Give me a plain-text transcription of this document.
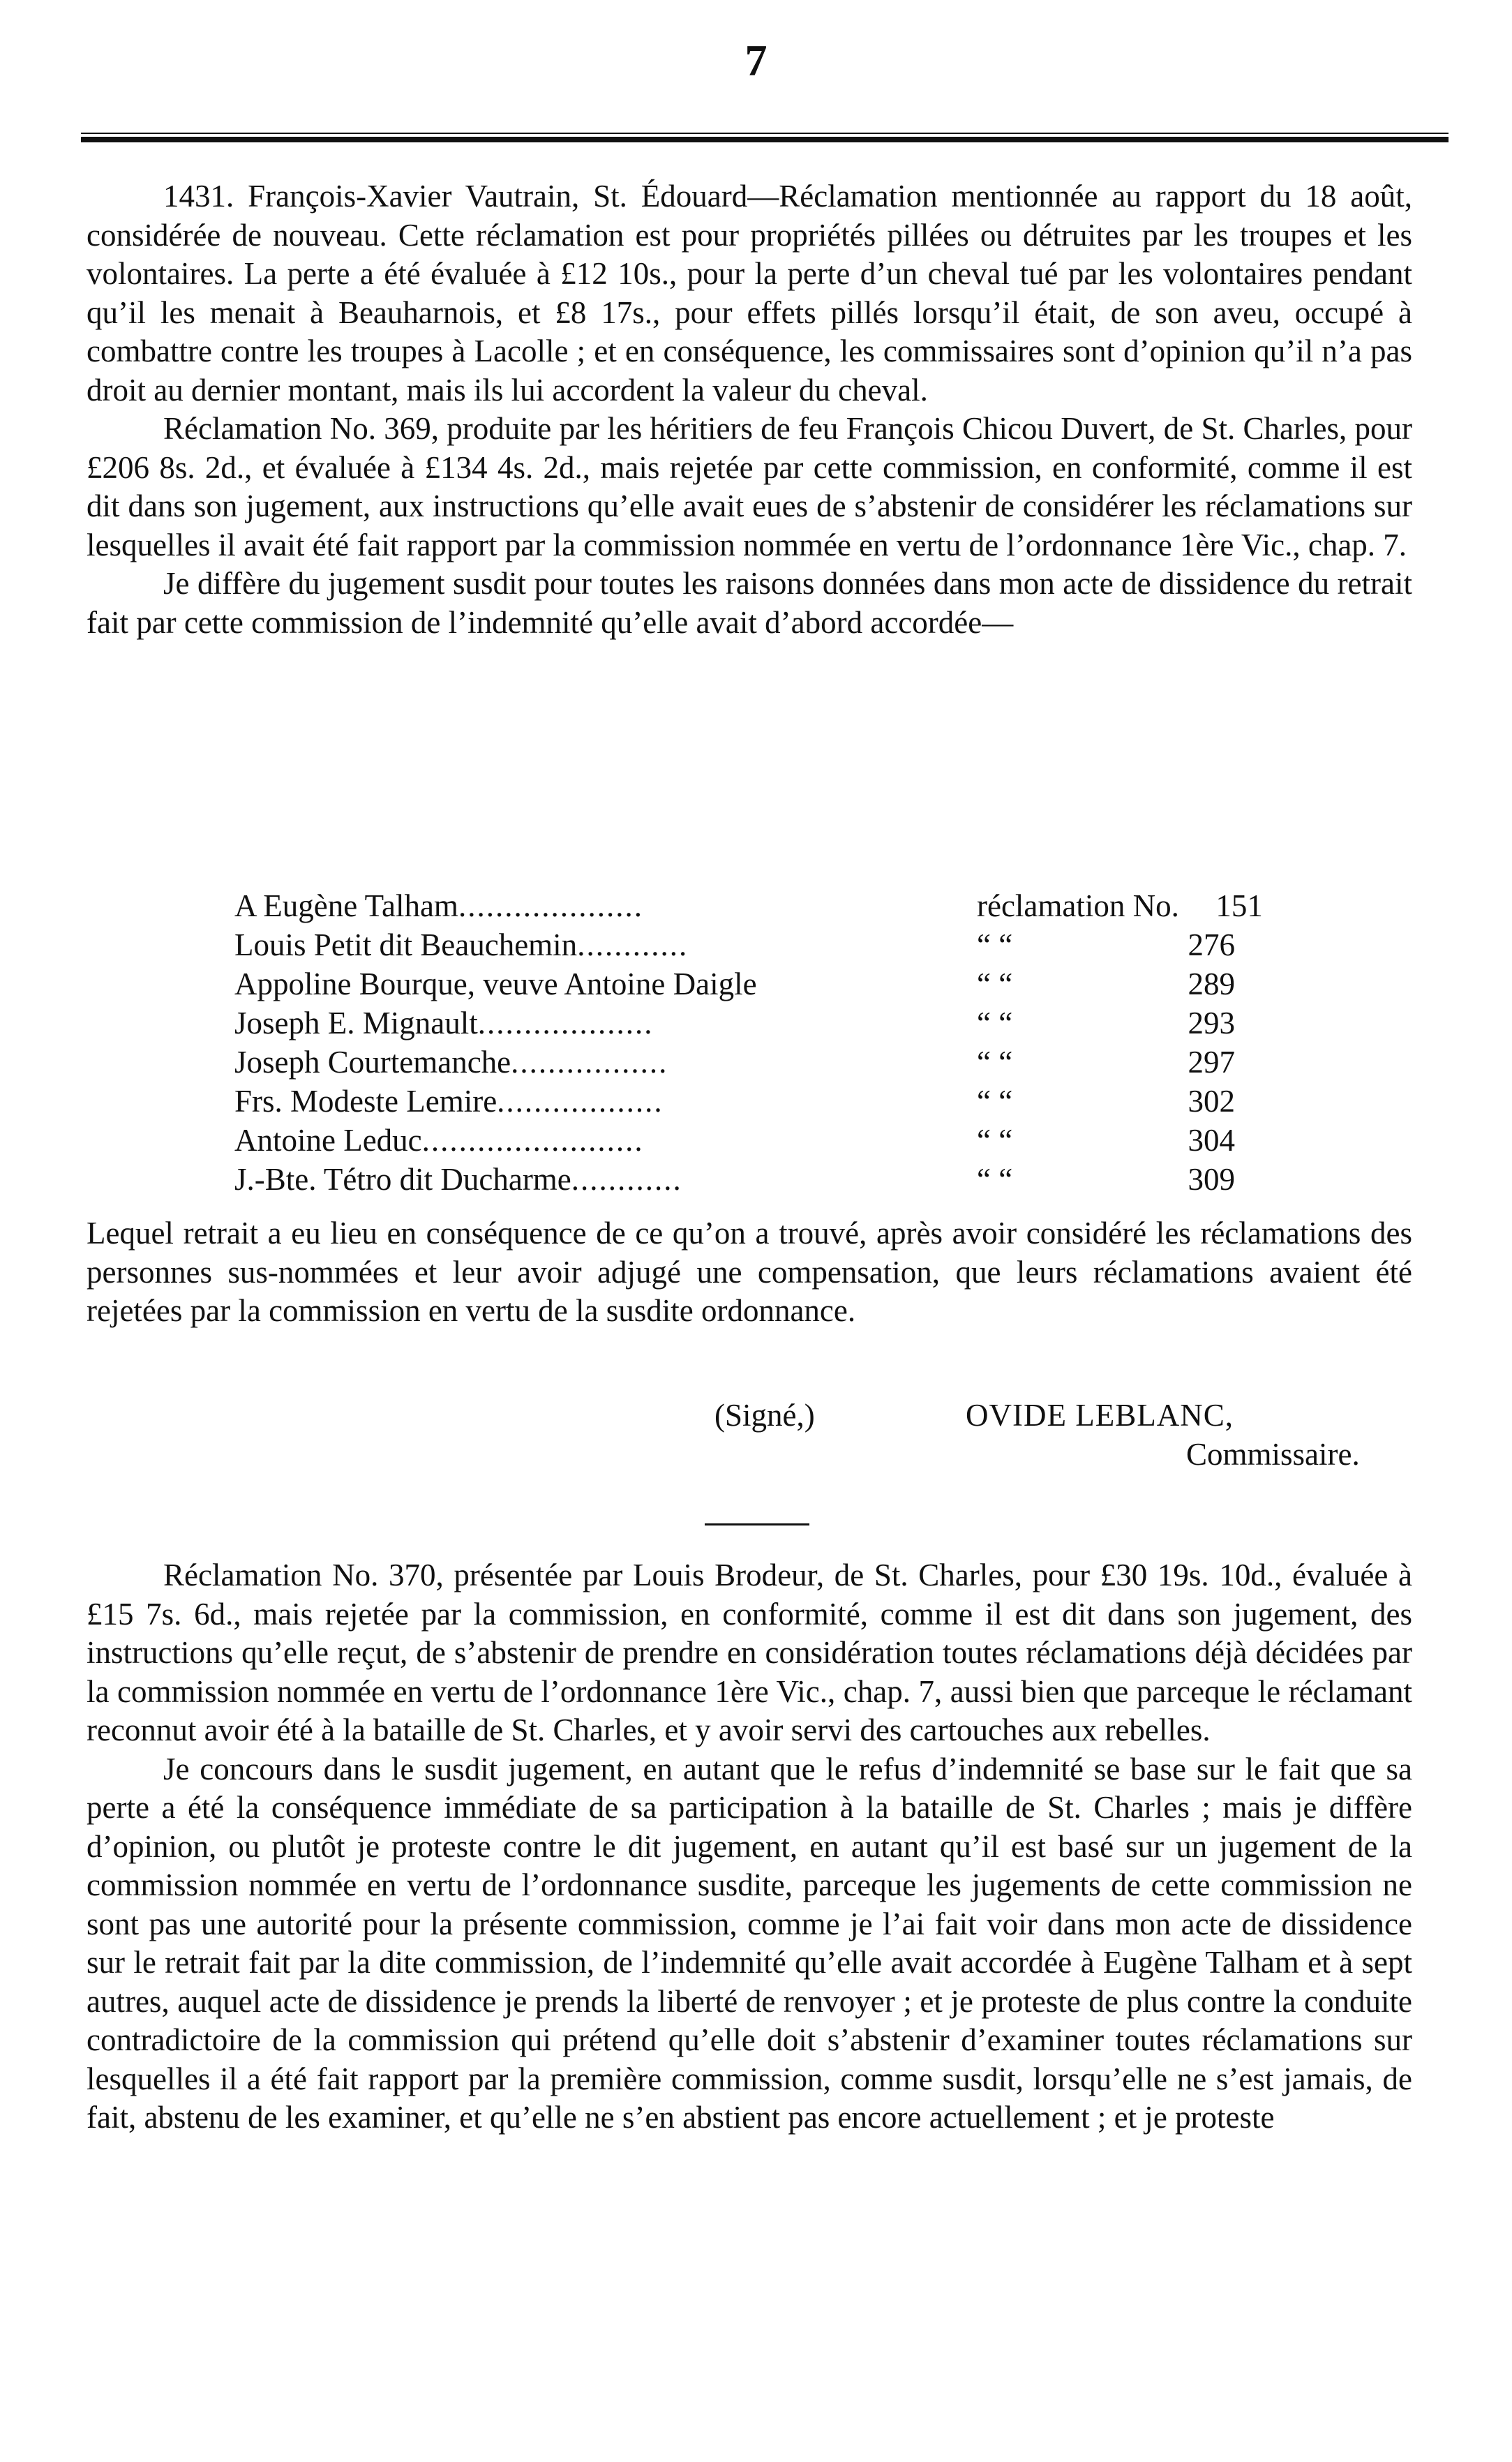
7

1431. François-Xavier Vautrain, St. Édouard—Réclamation mentionnée au rapport du 18 août, considérée de nouveau. Cette réclamation est pour propriétés pillées ou détruites par les troupes et les volontaires. La perte a été évaluée à £12 10s., pour la perte d’un cheval tué par les volontaires pendant qu’il les menait à Beauharnois, et £8 17s., pour effets pillés lorsqu’il était, de son aveu, occupé à combattre contre les troupes à Lacolle ; et en conséquence, les commissaires sont d’opinion qu’il n’a pas droit au dernier montant, mais ils lui accordent la valeur du cheval.

Réclamation No. 369, produite par les héritiers de feu François Chicou Duvert, de St. Charles, pour £206 8s. 2d., et évaluée à £134 4s. 2d., mais rejetée par cette commission, en conformité, comme il est dit dans son jugement, aux instructions qu’elle avait eues de s’abstenir de considérer les réclamations sur lesquelles il avait été fait rapport par la commission nommée en vertu de l’ordonnance 1ère Vic., chap. 7.

Je diffère du jugement susdit pour toutes les raisons données dans mon acte de dissidence du retrait fait par cette commission de l’indemnité qu’elle avait d’abord accordée—

A Eugène Talham....................	réclamation No.	151
Louis Petit dit Beauchemin............	“ “	276
Appoline Bourque, veuve Antoine Daigle	“ “	289
Joseph E. Mignault...................	“ “	293
Joseph Courtemanche.................	“ “	297
Frs. Modeste Lemire..................	“ “	302
Antoine Leduc........................	“ “	304
J.-Bte. Tétro dit Ducharme............	“ “	309

Lequel retrait a eu lieu en conséquence de ce qu’on a trouvé, après avoir considéré les réclamations des personnes sus-nommées et leur avoir adjugé une compensation, que leurs réclamations avaient été rejetées par la commission en vertu de la susdite ordonnance.

(Signé,)	OVIDE LEBLANC,
Commissaire.

Réclamation No. 370, présentée par Louis Brodeur, de St. Charles, pour £30 19s. 10d., évaluée à £15 7s. 6d., mais rejetée par la commission, en conformité, comme il est dit dans son jugement, des instructions qu’elle reçut, de s’abstenir de prendre en considération toutes réclamations déjà décidées par la commission nommée en vertu de l’ordonnance 1ère Vic., chap. 7, aussi bien que parceque le réclamant reconnut avoir été à la bataille de St. Charles, et y avoir servi des cartouches aux rebelles.

Je concours dans le susdit jugement, en autant que le refus d’indemnité se base sur le fait que sa perte a été la conséquence immédiate de sa participation à la bataille de St. Charles ; mais je diffère d’opinion, ou plutôt je proteste contre le dit jugement, en autant qu’il est basé sur un jugement de la commission nommée en vertu de l’ordonnance susdite, parceque les jugements de cette commission ne sont pas une autorité pour la présente commission, comme je l’ai fait voir dans mon acte de dissidence sur le retrait fait par la dite commission, de l’indemnité qu’elle avait accordée à Eugène Talham et à sept autres, auquel acte de dissidence je prends la liberté de renvoyer ; et je proteste de plus contre la conduite contradictoire de la commission qui prétend qu’elle doit s’abstenir d’examiner toutes réclamations sur lesquelles il a été fait rapport par la première commission, comme susdit, lorsqu’elle ne s’est jamais, de fait, abstenu de les examiner, et qu’elle ne s’en abstient pas encore actuellement ; et je proteste
